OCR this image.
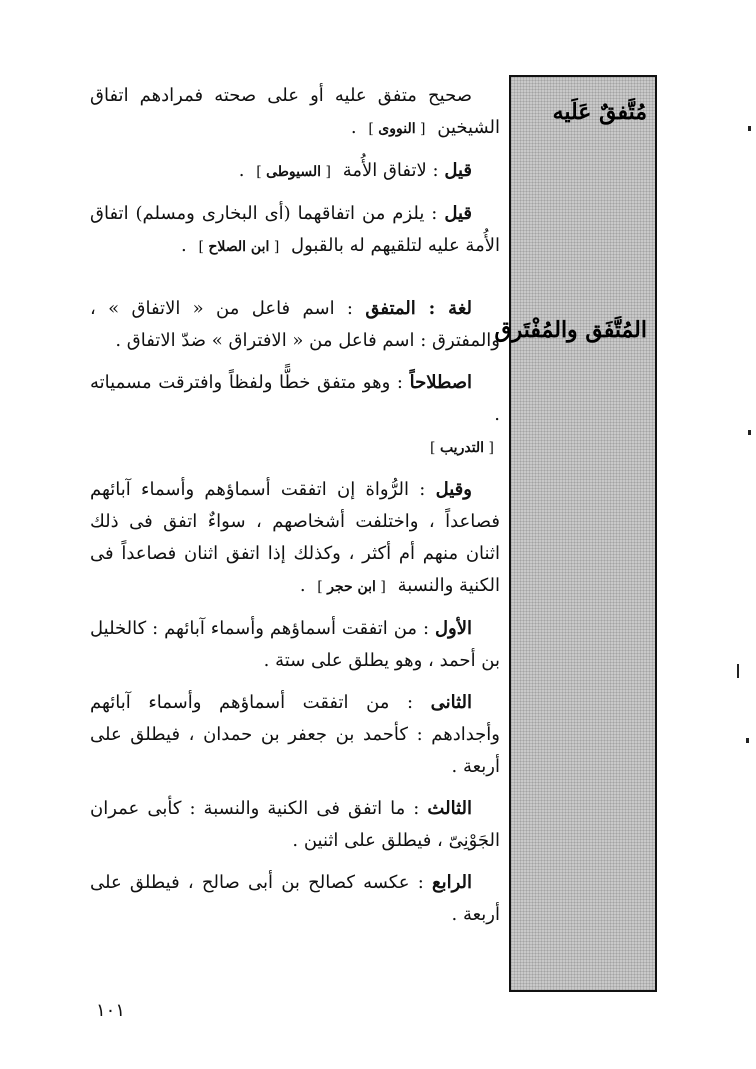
مُتَّفقٌ عَلَيه
المُتَّفَق والمُفْتَرق

صحيح متفق عليه أو على صحته فمرادهم اتفاق الشيخين [ النووى ] .

قيل : لاتفاق الأُمة [ السيوطى ] .

قيل : يلزم من اتفاقهما (أى البخارى ومسلم) اتفاق الأُمة عليه لتلقيهم له بالقبول [ ابن الصلاح ] .

لغة : المتفق : اسم فاعل من « الاتفاق » ، والمفترق : اسم فاعل من « الافتراق » ضدّ الاتفاق .

اصطلاحاً : وهو متفق خطًّا ولفظاً وافترقت مسمياته .
[ التدريب ]

وقيل : الرُّواة إن اتفقت أسماؤهم وأسماء آبائهم فصاعداً ، واختلفت أشخاصهم ، سواءٌ اتفق فى ذلك اثنان منهم أم أكثر ، وكذلك إذا اتفق اثنان فصاعداً فى الكنية والنسبة [ ابن حجر ] .

الأول : من اتفقت أسماؤهم وأسماء آبائهم : كالخليل بن أحمد ، وهو يطلق على ستة .

الثانى : من اتفقت أسماؤهم وأسماء آبائهم وأجدادهم : كأحمد بن جعفر بن حمدان ، فيطلق على أربعة .

الثالث : ما اتفق فى الكنية والنسبة : كأبى عمران الجَوْنِىّ ، فيطلق على اثنين .

الرابع : عكسه كصالح بن أبى صالح ، فيطلق على أربعة .

١٠١
